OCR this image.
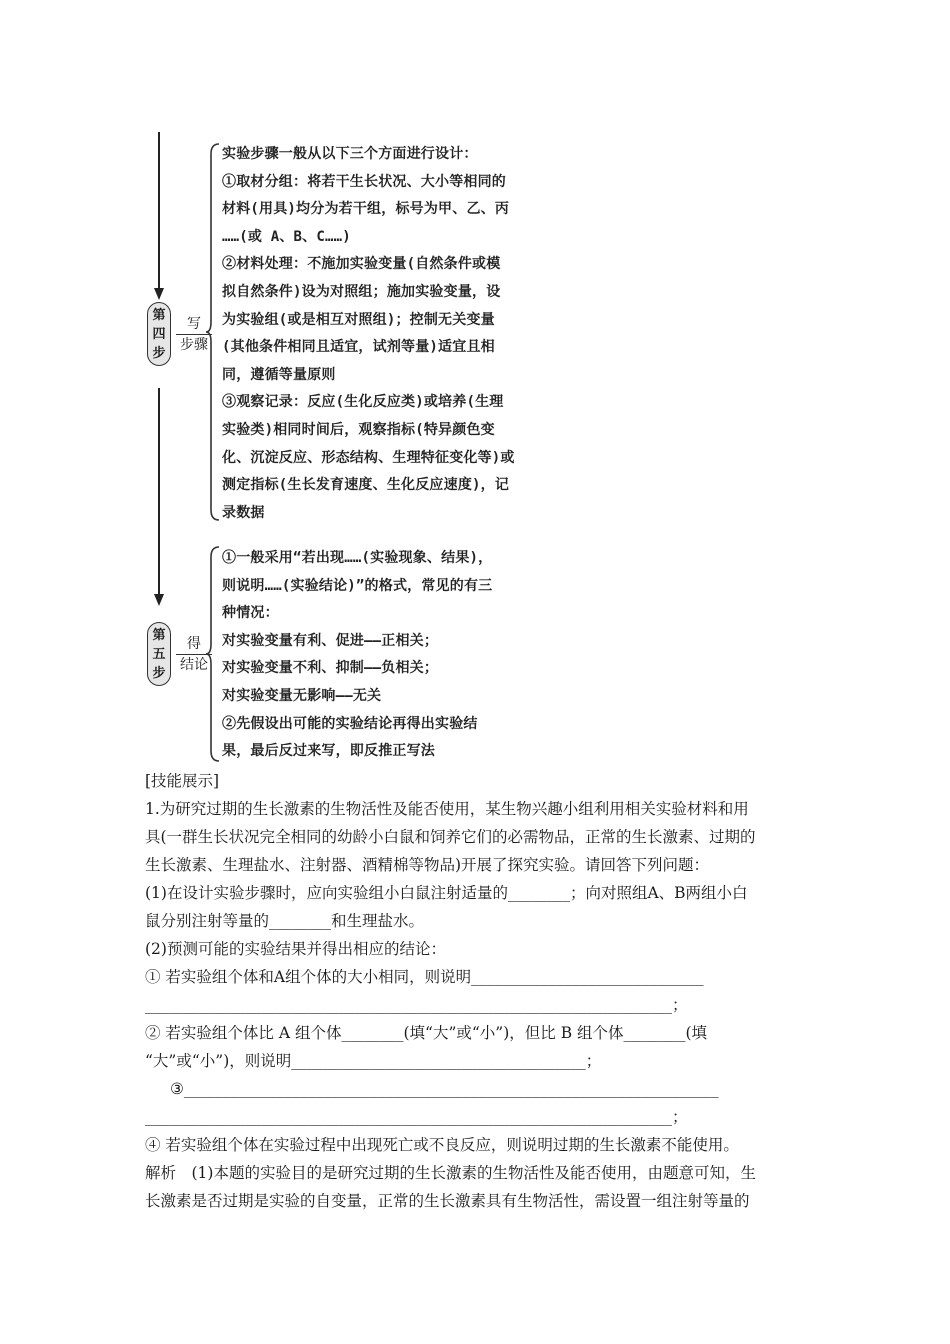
第
四
步
写
步骤
实验步骤一般从以下三个方面进行设计：
①取材分组：将若干生长状况、大小等相同的
材料(用具)均分为若干组，标号为甲、乙、丙
……(或 A、B、C……)
②材料处理：不施加实验变量(自然条件或模
拟自然条件)设为对照组；施加实验变量，设
为实验组(或是相互对照组)；控制无关变量
(其他条件相同且适宜，试剂等量)适宜且相
同，遵循等量原则
③观察记录：反应(生化反应类)或培养(生理
实验类)相同时间后，观察指标(特异颜色变
化、沉淀反应、形态结构、生理特征变化等)或
测定指标(生长发育速度、生化反应速度)，记
录数据
第
五
步
得
结论
①一般采用“若出现……(实验现象、结果)，
则说明……(实验结论)”的格式，常见的有三
种情况：
对实验变量有利、促进——正相关；
对实验变量不利、抑制——负相关；
对实验变量无影响——无关
②先假设出可能的实验结论再得出实验结
果，最后反过来写，即反推正写法
[技能展示]
1.为研究过期的生长激素的生物活性及能否使用，某生物兴趣小组利用相关实验材料和用
具(一群生长状况完全相同的幼龄小白鼠和饲养它们的必需物品，正常的生长激素、过期的
生长激素、生理盐水、注射器、酒精棉等物品)开展了探究实验。请回答下列问题：
(1)在设计实验步骤时，应向实验组小白鼠注射适量的________；向对照组A、B两组小白
鼠分别注射等量的________和生理盐水。
(2)预测可能的实验结果并得出相应的结论：
① 若实验组个体和A组个体的大小相同，则说明______________________________
____________________________________________________________________；
② 若实验组个体比 A 组个体________(填“大”或“小”)，但比 B 组个体________(填
“大”或“小”)，则说明______________________________________；
③_____________________________________________________________________
____________________________________________________________________；
④ 若实验组个体在实验过程中出现死亡或不良反应，则说明过期的生长激素不能使用。
解析　(1)本题的实验目的是研究过期的生长激素的生物活性及能否使用，由题意可知，生
长激素是否过期是实验的自变量，正常的生长激素具有生物活性，需设置一组注射等量的
